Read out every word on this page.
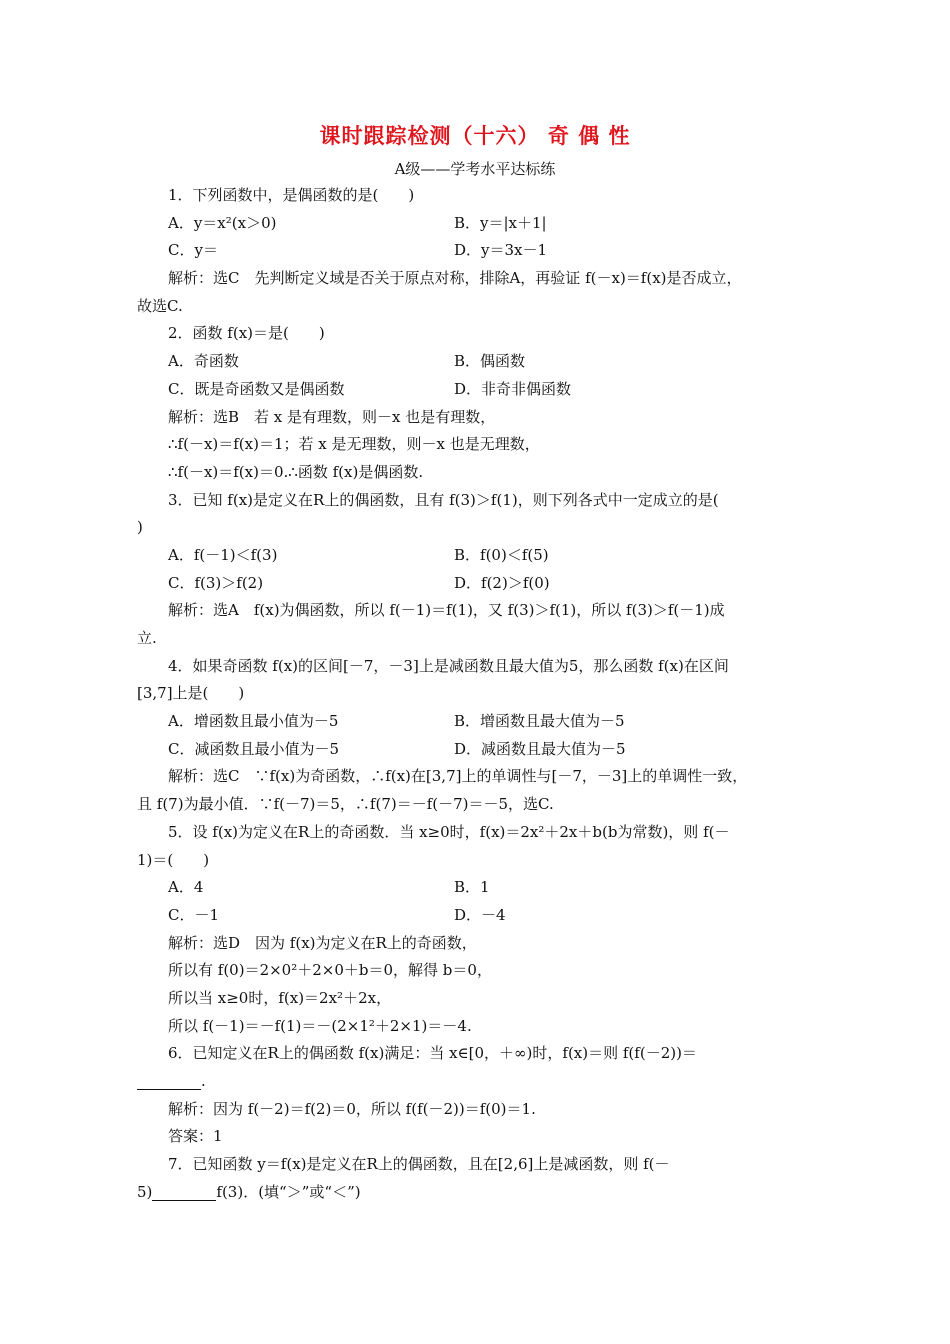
课时跟踪检测（十六） 奇 偶 性
A级——学考水平达标练
1．下列函数中，是偶函数的是(　　)
A．y＝x²(x＞0)	B．y＝|x＋1|
C．y＝	D．y＝3x－1
解析：选C　先判断定义域是否关于原点对称，排除A，再验证 f(－x)＝f(x)是否成立，
故选C.
2．函数 f(x)＝是(　　)
A．奇函数	B．偶函数
C．既是奇函数又是偶函数	D．非奇非偶函数
解析：选B　若 x 是有理数，则－x 也是有理数，
∴f(－x)＝f(x)＝1；若 x 是无理数，则－x 也是无理数，
∴f(－x)＝f(x)＝0.∴函数 f(x)是偶函数.
3．已知 f(x)是定义在R上的偶函数，且有 f(3)＞f(1)，则下列各式中一定成立的是(
)
A．f(－1)＜f(3)	B．f(0)＜f(5)
C．f(3)＞f(2)	D．f(2)＞f(0)
解析：选A　f(x)为偶函数，所以 f(－1)＝f(1)，又 f(3)＞f(1)，所以 f(3)＞f(－1)成
立.
4．如果奇函数 f(x)的区间[－7，－3]上是减函数且最大值为5，那么函数 f(x)在区间
[3,7]上是(　　)
A．增函数且最小值为－5	B．增函数且最大值为－5
C．减函数且最小值为－5	D．减函数且最大值为－5
解析：选C　∵f(x)为奇函数，∴f(x)在[3,7]上的单调性与[－7，－3]上的单调性一致，
且 f(7)为最小值．∵f(－7)＝5，∴f(7)＝－f(－7)＝－5，选C.
5．设 f(x)为定义在R上的奇函数．当 x≥0时，f(x)＝2x²＋2x＋b(b为常数)，则 f(－
1)＝(　　)
A．4	B．1
C．－1	D．－4
解析：选D　因为 f(x)为定义在R上的奇函数，
所以有 f(0)＝2×0²＋2×0＋b＝0，解得 b＝0，
所以当 x≥0时，f(x)＝2x²＋2x，
所以 f(－1)＝－f(1)＝－(2×1²＋2×1)＝－4.
6．已知定义在R上的偶函数 f(x)满足：当 x∈[0，＋∞)时，f(x)＝则 f(f(－2))＝
.
解析：因为 f(－2)＝f(2)＝0，所以 f(f(－2))＝f(0)＝1.
答案：1
7．已知函数 y＝f(x)是定义在R上的偶函数，且在[2,6]上是减函数，则 f(－
5)	f(3)．(填“＞”或“＜”)
